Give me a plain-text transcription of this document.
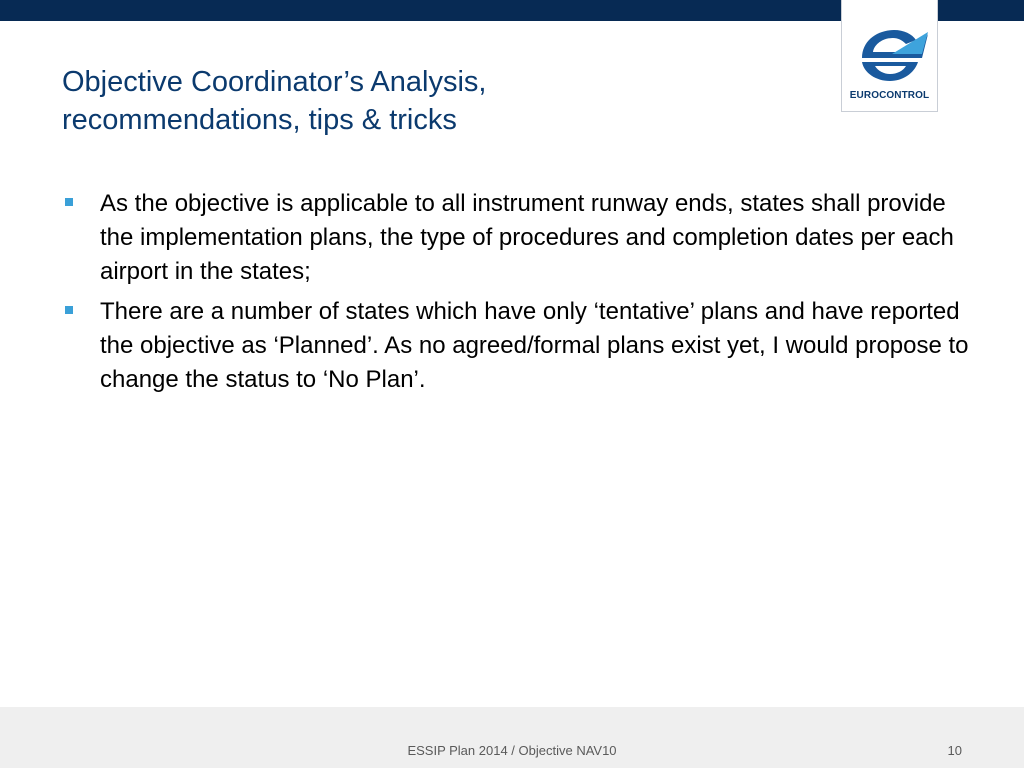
EUROCONTROL
Objective Coordinator’s Analysis,
recommendations, tips & tricks
As the objective is applicable to all instrument runway ends, states shall provide the implementation plans, the type of procedures and completion dates per each airport in the states;
There are a number of states which have only ‘tentative’ plans and have reported the objective as ‘Planned’. As no agreed/formal plans exist yet, I would propose to change the status to ‘No Plan’.
ESSIP Plan 2014 / Objective NAV10	10
